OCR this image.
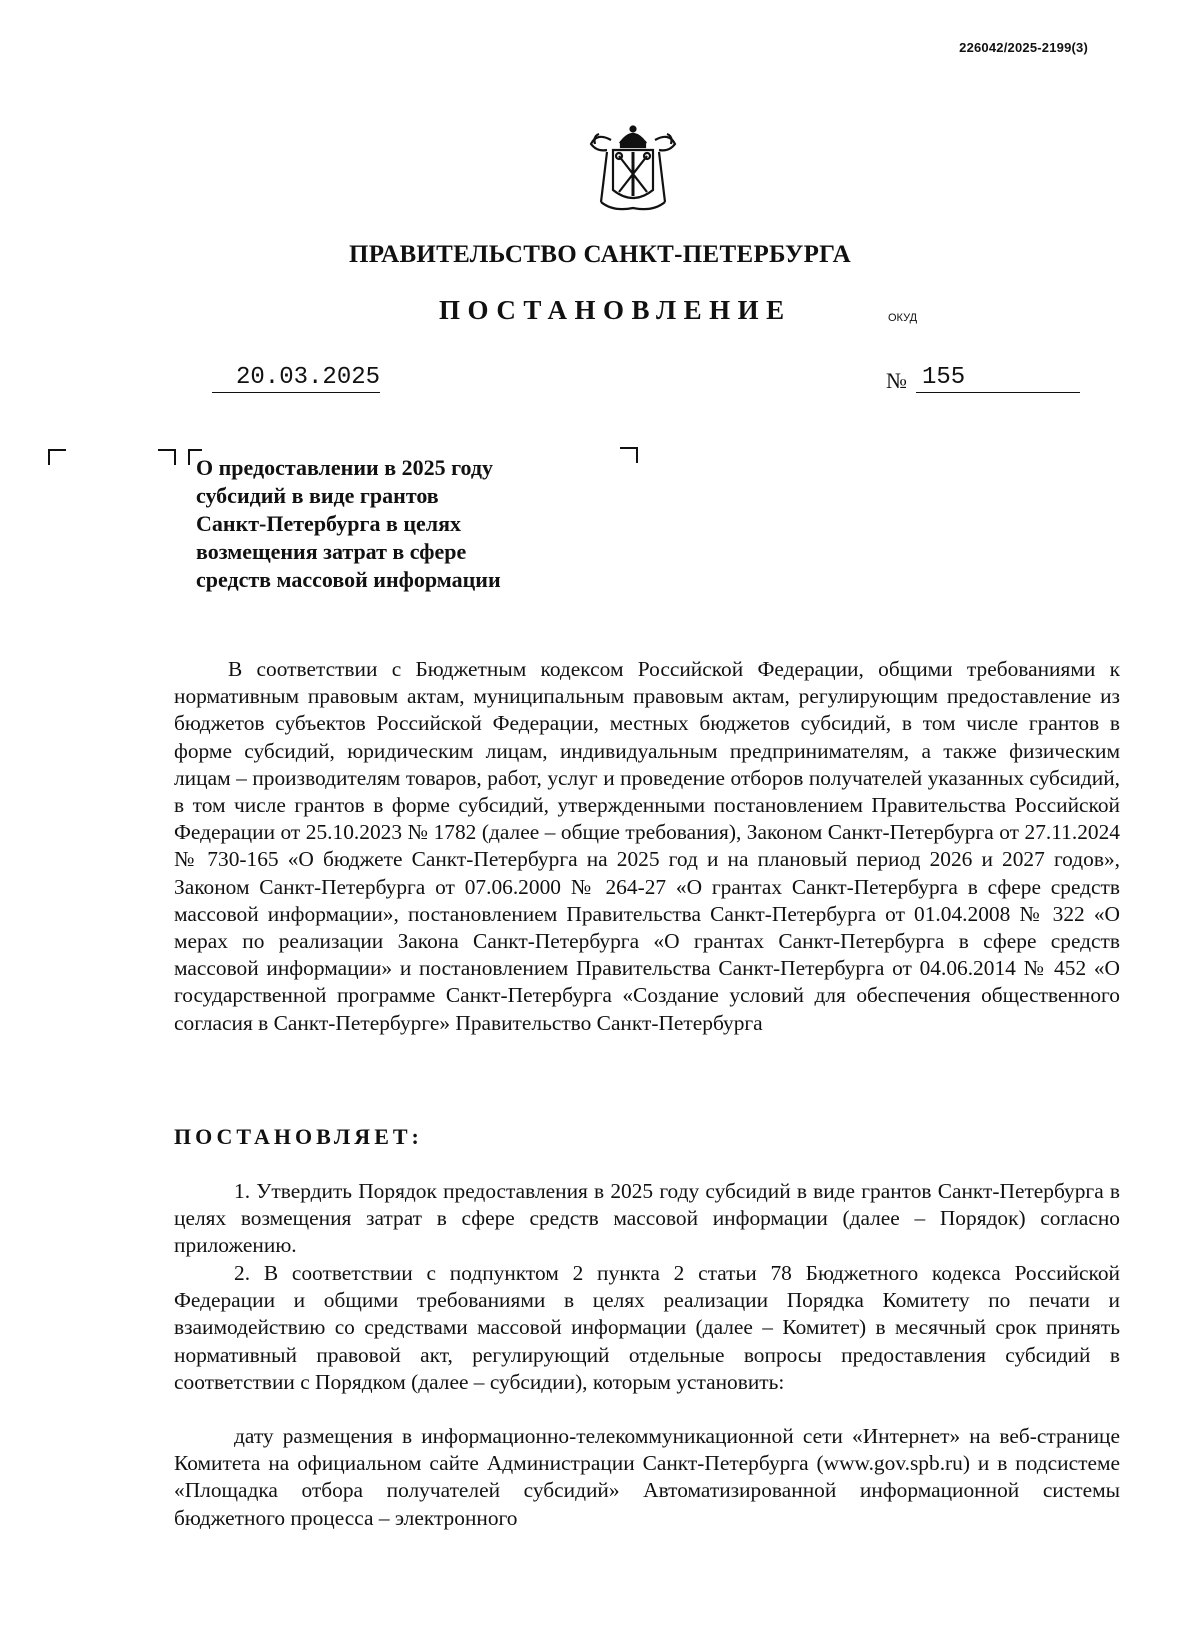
226042/2025-2199(3)
ПРАВИТЕЛЬСТВО САНКТ-ПЕТЕРБУРГА
ПОСТАНОВЛЕНИЕ	ОКУД
20.03.2025	№ 155
О предоставлении в 2025 году
субсидий в виде грантов
Санкт-Петербурга в целях
возмещения затрат в сфере
средств массовой информации
В соответствии с Бюджетным кодексом Российской Федерации, общими требованиями к нормативным правовым актам, муниципальным правовым актам, регулирующим предоставление из бюджетов субъектов Российской Федерации, местных бюджетов субсидий, в том числе грантов в форме субсидий, юридическим лицам, индивидуальным предпринимателям, а также физическим лицам – производителям товаров, работ, услуг и проведение отборов получателей указанных субсидий, в том числе грантов в форме субсидий, утвержденными постановлением Правительства Российской Федерации от 25.10.2023 № 1782 (далее – общие требования), Законом Санкт-Петербурга от 27.11.2024 № 730-165 «О бюджете Санкт-Петербурга на 2025 год и на плановый период 2026 и 2027 годов», Законом Санкт-Петербурга от 07.06.2000 № 264-27 «О грантах Санкт-Петербурга в сфере средств массовой информации», постановлением Правительства Санкт-Петербурга от 01.04.2008 № 322 «О мерах по реализации Закона Санкт-Петербурга «О грантах Санкт-Петербурга в сфере средств массовой информации» и постановлением Правительства Санкт-Петербурга от 04.06.2014 № 452 «О государственной программе Санкт-Петербурга «Создание условий для обеспечения общественного согласия в Санкт-Петербурге» Правительство Санкт-Петербурга
ПОСТАНОВЛЯЕТ:
1. Утвердить Порядок предоставления в 2025 году субсидий в виде грантов Санкт-Петербурга в целях возмещения затрат в сфере средств массовой информации (далее – Порядок) согласно приложению.
2. В соответствии с подпунктом 2 пункта 2 статьи 78 Бюджетного кодекса Российской Федерации и общими требованиями в целях реализации Порядка Комитету по печати и взаимодействию со средствами массовой информации (далее – Комитет) в месячный срок принять нормативный правовой акт, регулирующий отдельные вопросы предоставления субсидий в соответствии с Порядком (далее – субсидии), которым установить:
дату размещения в информационно-телекоммуникационной сети «Интернет» на веб-странице Комитета на официальном сайте Администрации Санкт-Петербурга (www.gov.spb.ru) и в подсистеме «Площадка отбора получателей субсидий» Автоматизированной информационной системы бюджетного процесса – электронного
